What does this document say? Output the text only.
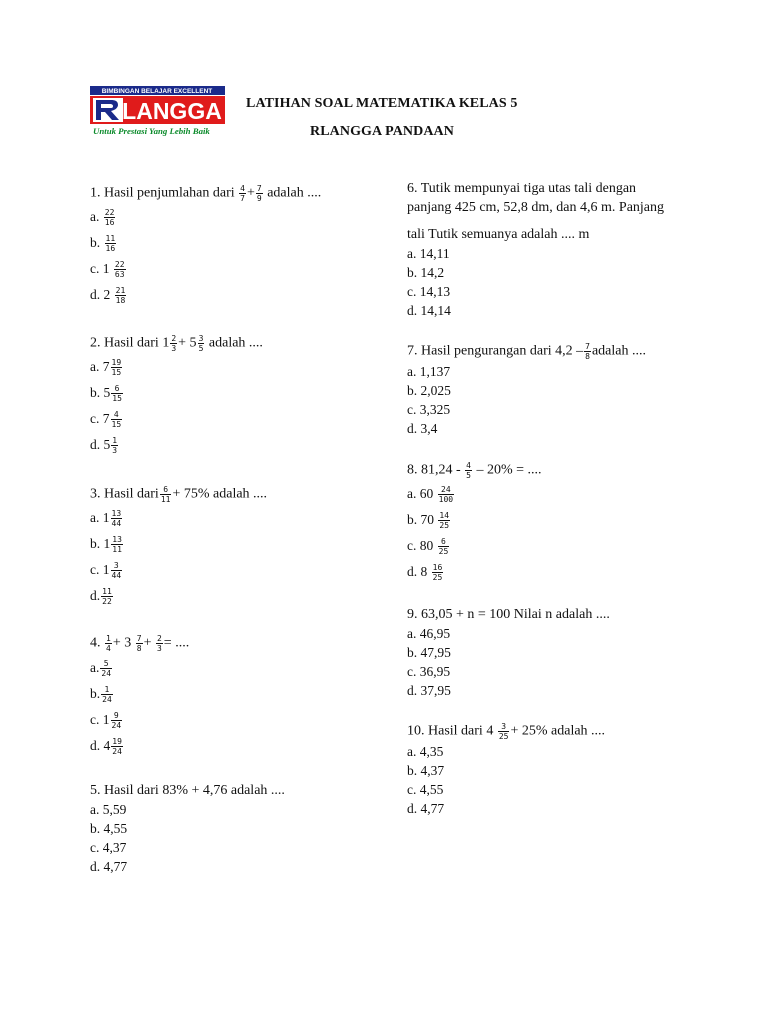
BIMBINGAN BELAJAR EXCELLENT
LANGGA
Untuk Prestasi Yang Lebih Baik
LATIHAN SOAL MATEMATIKA KELAS 5
RLANGGA PANDAAN
1. Hasil penjumlahan dari $\frac{4}{7} + \frac{7}{9}$ adalah ....
a. $\frac{22}{16}$
b. $\frac{11}{16}$
c. $1 \frac{22}{63}$
d. $2 \frac{21}{18}$
2. Hasil dari $1 \frac{2}{3} + 5 \frac{3}{5}$ adalah ....
a. $7 \frac{19}{15}$
b. $5 \frac{6}{15}$
c. $7 \frac{4}{15}$
d. $5 \frac{1}{3}$
3. Hasil dari $\frac{6}{11} + 75\%$ adalah ....
a. $1 \frac{13}{44}$
b. $1 \frac{13}{11}$
c. $1 \frac{3}{44}$
d. $\frac{11}{22}$
4. $\frac{1}{4} + 3 \frac{7}{8} + \frac{2}{3}$ = ....
a. $\frac{5}{24}$
b. $\frac{1}{24}$
c. $1 \frac{9}{24}$
d. $4 \frac{19}{24}$
5. Hasil dari 83% + 4,76 adalah ....
a. 5,59
b. 4,55
c. 4,37
d. 4,77
6. Tutik mempunyai tiga utas tali dengan
panjang 425 cm, 52,8 dm, dan 4,6 m. Panjang
tali Tutik semuanya adalah .... m
a. 14,11
b. 14,2
c. 14,13
d. 14,14
7. Hasil pengurangan dari $4,2 - \frac{7}{8}$ adalah ....
a. 1,137
b. 2,025
c. 3,325
d. 3,4
8. $81,24 - \frac{4}{5} - 20\%$ = ....
a. $60 \frac{24}{100}$
b. $70 \frac{14}{25}$
c. $80 \frac{6}{25}$
d. $8 \frac{16}{25}$
9. 63,05 + n = 100 Nilai n adalah ....
a. 46,95
b. 47,95
c. 36,95
d. 37,95
10. Hasil dari $4 \frac{3}{25} + 25\%$ adalah ....
a. 4,35
b. 4,37
c. 4,55
d. 4,77
